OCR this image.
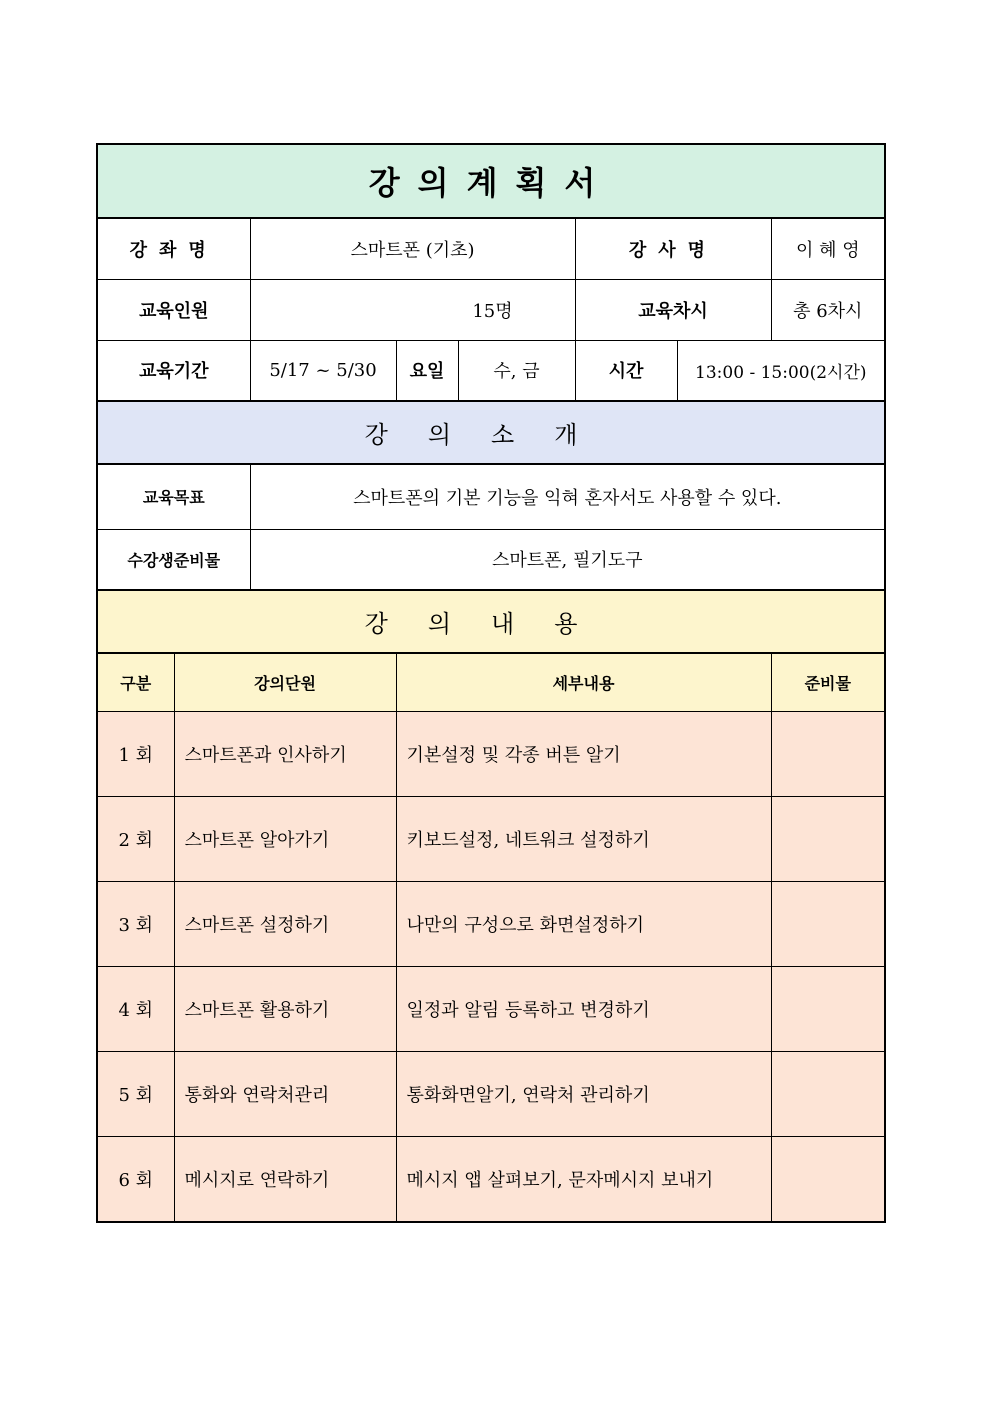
강의계획서							
강좌명		스마트폰 (기초)			강사명		이 혜 영
교육인원		15명			교육차시		총 6차시
교육기간		5/17 ~ 5/30	요일	수, 금	시간	13:00 - 15:00(2시간)	
강의소개							
교육목표		스마트폰의 기본 기능을 익혀 혼자서도 사용할 수 있다.					
수강생준비물		스마트폰, 필기도구					
강의내용							
구분	강의단원		세부내용				준비물
1 회	스마트폰과 인사하기		기본설정 및 각종 버튼 알기				
2 회	스마트폰 알아가기		키보드설정, 네트워크 설정하기				
3 회	스마트폰 설정하기		나만의 구성으로 화면설정하기				
4 회	스마트폰 활용하기		일정과 알림 등록하고 변경하기				
5 회	통화와 연락처관리		통화화면알기, 연락처 관리하기				
6 회	메시지로 연락하기		메시지 앱 살펴보기, 문자메시지 보내기				
